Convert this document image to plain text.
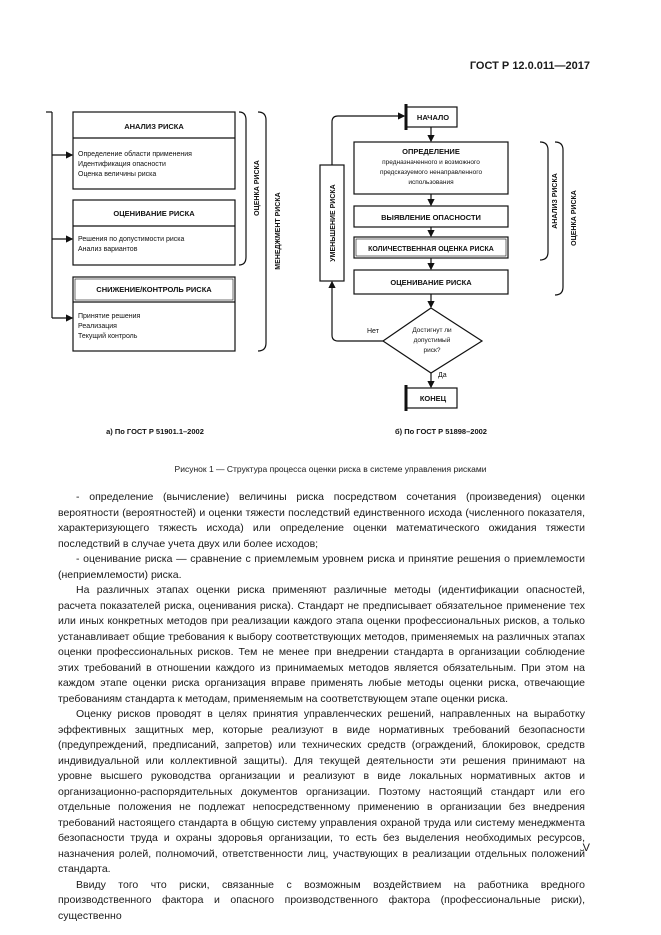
ГОСТ Р 12.0.011—2017
АНАЛИЗ РИСКА
Определение области применения
Идентификация опасности
Оценка величины риска
ОЦЕНИВАНИЕ РИСКА
Решения по допустимости риска
Анализ вариантов
СНИЖЕНИЕ/КОНТРОЛЬ РИСКА
Принятие решения
Реализация
Текущий контроль
ОЦЕНКА РИСКА
МЕНЕДЖМЕНТ РИСКА
а) По ГОСТ Р 51901.1–2002
НАЧАЛО
КОНЕЦ
ОПРЕДЕЛЕНИЕ
предназначенного и возможного
предсказуемого ненаправленного
использования
ВЫЯВЛЕНИЕ ОПАСНОСТИ
КОЛИЧЕСТВЕННАЯ ОЦЕНКА РИСКА
ОЦЕНИВАНИЕ РИСКА
Достигнут ли
допустимый
риск?
Нет
Да
УМЕНЬШЕНИЕ РИСКА	АНАЛИЗ РИСКА ОЦЕНКА РИСКА
б) По ГОСТ Р 51898–2002
Рисунок 1 — Структура процесса оценки риска в системе управления рисками

- определение (вычисление) величины риска посредством сочетания (произведения) оценки вероятности (вероятностей) и оценки тяжести последствий единственного исхода (численного показателя, характеризующего тяжесть исхода) или определение оценки математического ожидания тяжести последствий в случае учета двух или более исходов;

- оценивание риска — сравнение с приемлемым уровнем риска и принятие решения о приемлемости (неприемлемости) риска.

На различных этапах оценки риска применяют различные методы (идентификации опасностей, расчета показателей риска, оценивания риска). Стандарт не предписывает обязательное применение тех или иных конкретных методов при реализации каждого этапа оценки профессиональных рисков, а только устанавливает общие требования к выбору соответствующих методов, применяемых на различных этапах оценки профессиональных рисков. Тем не менее при внедрении стандарта в организации соблюдение этих требований в отношении каждого из принимаемых методов является обязательным. При этом на каждом этапе оценки риска организация вправе применять любые методы оценки риска, отвечающие требованиям стандарта к методам, применяемым на соответствующем этапе оценки риска.

Оценку рисков проводят в целях принятия управленческих решений, направленных на выработку эффективных защитных мер, которые реализуют в виде нормативных требований безопасности (предупреждений, предписаний, запретов) или технических средств (ограждений, блокировок, средств индивидуальной или коллективной защиты). Для текущей деятельности эти решения принимают на уровне высшего руководства организации и реализуют в виде локальных нормативных актов и организационно-распорядительных документов организации. Поэтому настоящий стандарт или его отдельные положения не подлежат непосредственному применению в организации без внедрения требований настоящего стандарта в общую систему управления охраной труда или систему менеджмента безопасности труда и охраны здоровья организации, то есть без выделения необходимых ресурсов, назначения ролей, полномочий, ответственности лиц, участвующих в реализации отдельных положений стандарта.

Ввиду того что риски, связанные с возможным воздействием на работника вредного производственного фактора и опасного производственного фактора (профессиональные риски), существенно

V
